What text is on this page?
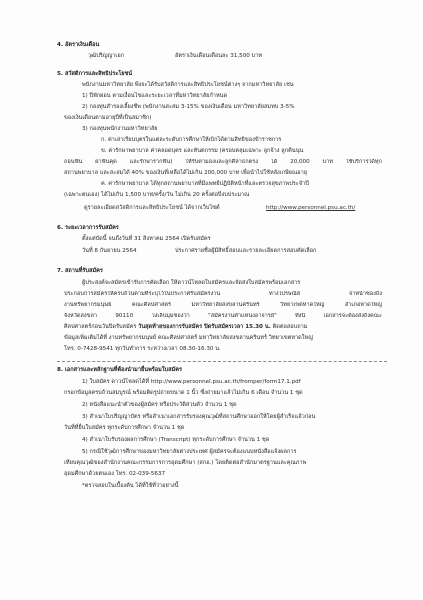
4. อัตราเงินเดือน
วุฒิปริญญาเอก	อัตราเงินเดือนเดือนละ 31,500 บาท
5. สวัสดิการและสิทธิประโยชน์
พนักงานมหาวิทยาลัย พึงจะได้รับสวัสดิการและสิทธิประโยชน์ต่างๆ จากมหาวิทยาลัย เช่น
1) ปีพักผ่อน ตามเงื่อนไขและระยะเวลาที่มหาวิทยาลัยกำหนด
2) กองทุนสำรองเลี้ยงชีพ (พนักงานสะสม 3-15% ของเงินเดือน มหาวิทยาลัยสมทบ 3-5%
ของเงินเดือนตามอายุปีที่เป็นสมาชิก)
3) กองทุนพนักงานมหาวิทยาลัย
ก. ค่าเล่าเรียนบุตรในแต่ละระดับการศึกษาให้เบิกได้ตามสิทธิของข้าราชการ
ข. ค่ารักษาพยาบาล ค่าคลอดบุตร และทันตกรรม (ครอบคลุมเฉพาะ ลูกจ้าง ลูกคินนุน
ถอนฟัน ผ่าฟันคุด และรักษารากฟัน) ให้รับตามองและลูกศิลาธกตรง ได้ 20,000 บาท ใช้บริการได้ทุก
สถานพยาบาล และสะสมได้ 40% ของเงินที่เหลือได้ไม่เกิน 200,000 บาท เพื่อนำไปใช้หลังเกษียณอายุ
ค. ค่ารักษาพยาบาล ได้ทุกสถานพยาบาลที่มีแพทย์ปฏิบัติหน้าที่และตรวจสุขภาพประจำปี
(เฉพาะตนเอง) ได้ไม่เกิน 1,500 บาท/ครั้ง/วัน ไม่เกิน 20 ครั้งต่อปีงบประมาณ
ดูรายละเอียดสวัสดิการและสิทธิประโยชน์ ได้จากเว็บไซต์	http://www.personnel.psu.ac.th/
6. ระยะเวลาการรับสมัคร
ตั้งแต่บัดนี้ จนถึงวันที่ 31 สิงหาคม 2564 เปิดรับสมัคร
วันที่ 8 กันยายน 2564	ประกาศรายชื่อผู้มีสิทธิ์สอบและรายละเอียดการสอบคัดเลือก
7. สถานที่รับสมัคร
ผู้ประสงค์จะสมัครเข้ารับการคัดเลือก ให้ดาวน์โหลดใบสมัครและจัดส่งใบสมัครพร้อมเอกสาร
ประกอบการสมัครให้ครบถ้วนตามที่ระบุไว้ในประกาศรับสมัครงาน ทางไปรษณีย์ จ่าหน้าซองถึง
งานทรัพยากรมนุษย์ คณะศิลปศาสตร์ มหาวิทยาลัยสงขลานครินทร์ วิทยาเขตหาดใหญ่ อำเภอหาดใหญ่
จังหวัดสงขลา 90110 วงเล็บมุมซองว่า "สมัครงานตำแหน่งอาจารย์" ทั้งนี้ เอกสารจะต้องส่งถึงคณะ
ศิลปศาสตร์ก่อนวันปิดรับสมัคร วันสุดท้ายของการรับสมัคร ปิดรับสมัครเวลา 15.30 น. ติดต่อสอบถาม
ข้อมูลเพิ่มเติมได้ที่ งานทรัพยากรมนุษย์ คณะศิลปศาสตร์ มหาวิทยาลัยสงขลานครินทร์ วิทยาเขตหาดใหญ่
โทร. 0-7428-9541 ทุกวันทำการ ระหว่างเวลา 08.30-16.30 น.
8. เอกสารและหลักฐานที่ต้องนำมายื่นพร้อมใบสมัคร
1) ใบสมัคร ดาวน์โหลดได้ที่ http://www.personnel.psu.ac.th/fromper/form17.1.pdf
กรอกข้อมูลครบถ้วนสมบูรณ์ พร้อมติดรูปถ่ายขนาด 1 นิ้ว ซึ่งถ่ายมาแล้วไม่เกิน 6 เดือน จำนวน 1 ชุด
2) หนังสือแนะนำตัวของผู้สมัคร หรือประวัติส่วนตัว จำนวน 1 ชุด
3) สำเนาใบปริญญาบัตร หรือสำเนาเอกสารรับรองคุณวุฒิที่สถานศึกษาออกให้โดยผู้สำเร็จแล้วก่อน
วันที่ที่ยื่นใบสมัคร ทุกระดับการศึกษา จำนวน 1 ชุด
4) สำเนาใบรับรองผลการศึกษา (Transcript) ทุกระดับการศึกษา จำนวน 1 ชุด
5) กรณีใช้วุฒิการศึกษาของมหาวิทยาลัยต่างประเทศ ผู้สมัครจะต้องแนบหนังสือแจ้งผลการ
เทียบคุณวุฒิของสำนักงานคณะกรรมการการอุดมศึกษา (สกอ.) โดยติดต่อสำนักมาตรฐานและคุณภาพ
อุดมศึกษาด้วยตนเอง โทร. 02-039-5637
*ตรวจสอบในเบื้องต้น ได้ที่ใช้ที่ว่าอย่างนี้
